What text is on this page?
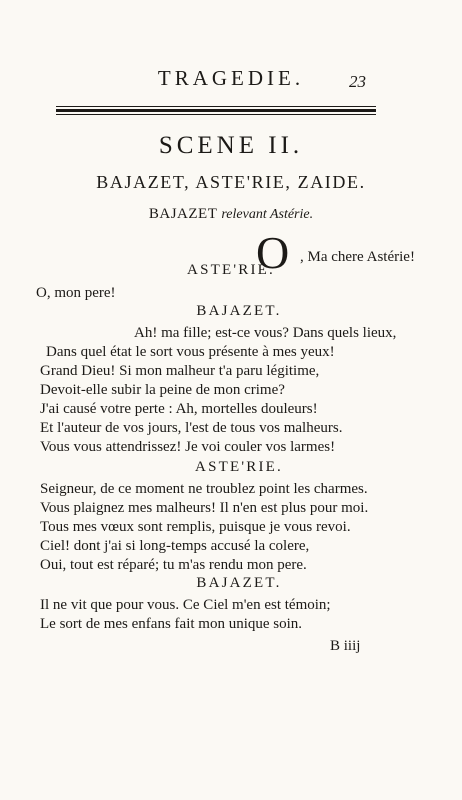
TRAGEDIE.	23
SCENE II.
BAJAZET, ASTE'RIE, ZAIDE.
BAJAZET relevant Astérie.
O , Ma chere Astérie!
ASTE'RIE.
O, mon pere!
BAJAZET.
Ah! ma fille; est-ce vous? Dans quels lieux,
Dans quel état le sort vous présente à mes yeux!
Grand Dieu! Si mon malheur t'a paru légitime,
Devoit-elle subir la peine de mon crime?
J'ai causé votre perte : Ah, mortelles douleurs!
Et l'auteur de vos jours, l'est de tous vos malheurs.
Vous vous attendrissez! Je voi couler vos larmes!
ASTE'RIE.
Seigneur, de ce moment ne troublez point les charmes.
Vous plaignez mes malheurs! Il n'en est plus pour moi.
Tous mes vœux sont remplis, puisque je vous revoi.
Ciel! dont j'ai si long-temps accusé la colere,
Oui, tout est réparé; tu m'as rendu mon pere.
BAJAZET.
Il ne vit que pour vous. Ce Ciel m'en est témoin;
Le sort de mes enfans fait mon unique soin.
B iiij
